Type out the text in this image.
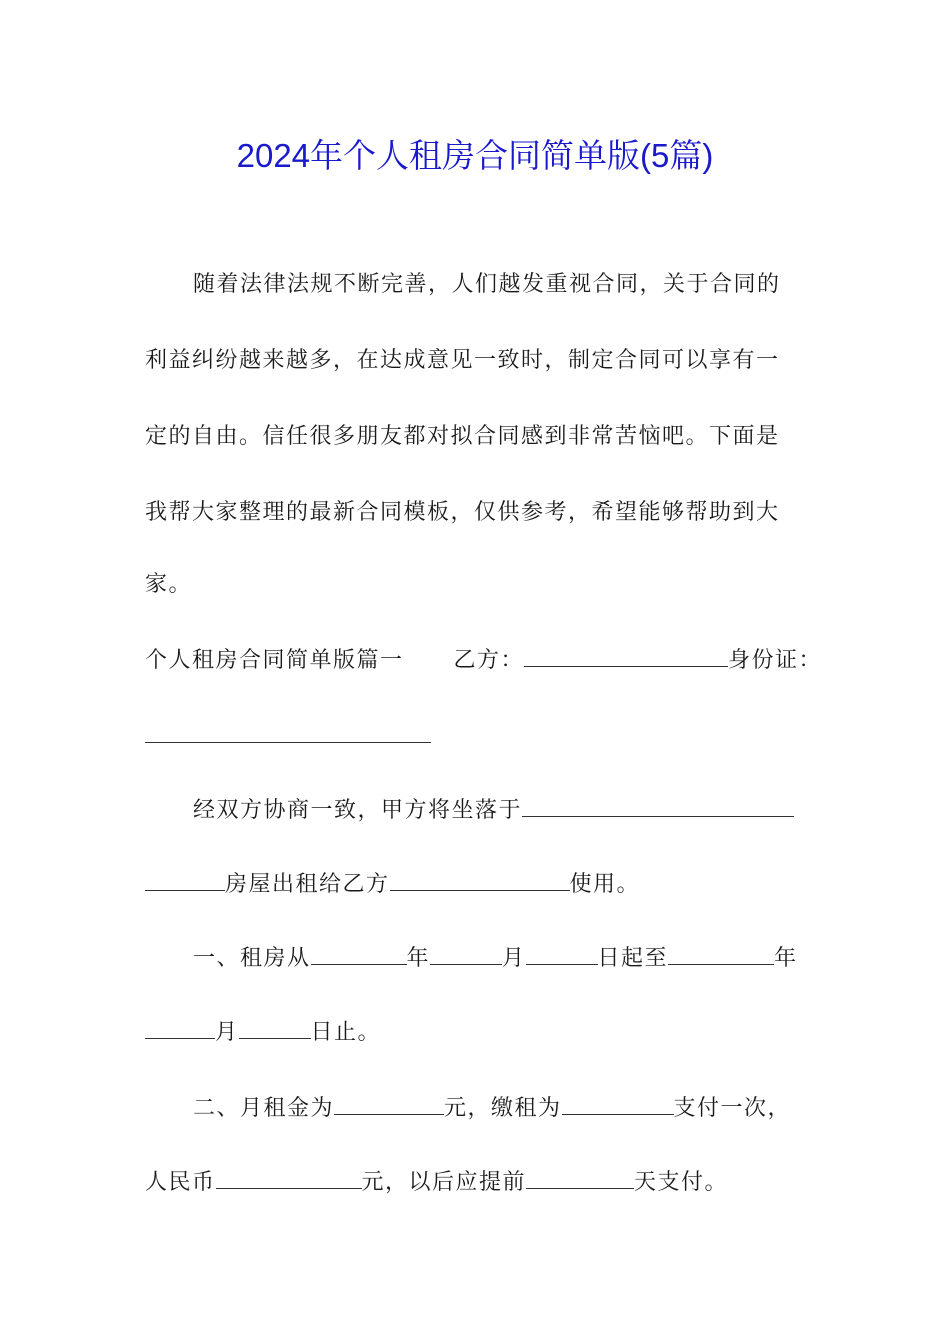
2024年个人租房合同简单版(5篇)
随着法律法规不断完善，人们越发重视合同，关于合同的
利益纠纷越来越多，在达成意见一致时，制定合同可以享有一
定的自由。信任很多朋友都对拟合同感到非常苦恼吧。下面是
我帮大家整理的最新合同模板，仅供参考，希望能够帮助到大
家。
个人租房合同简单版篇一 乙方：	身份证：
经双方协商一致，甲方将坐落于
房屋出租给乙方	使用。
一、租房从	年	月	日起至	年
月	日止。
二、月租金为	元，缴租为	支付一次，
人民币	元，以后应提前	天支付。
